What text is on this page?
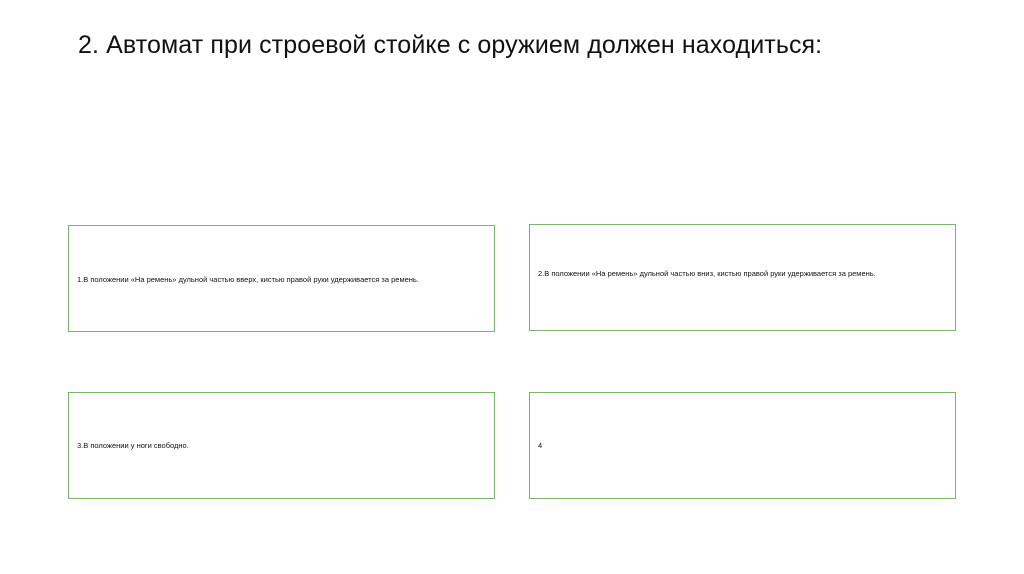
2. Автомат при строевой стойке с оружием должен находиться:
1.В положении «На ремень» дульной частью вверх, кистью правой руки удерживается за ремень.
2.В положении «На ремень» дульной частью вниз, кистью правой руки удерживается за ремень.
3.В положении у ноги свободно.	4
